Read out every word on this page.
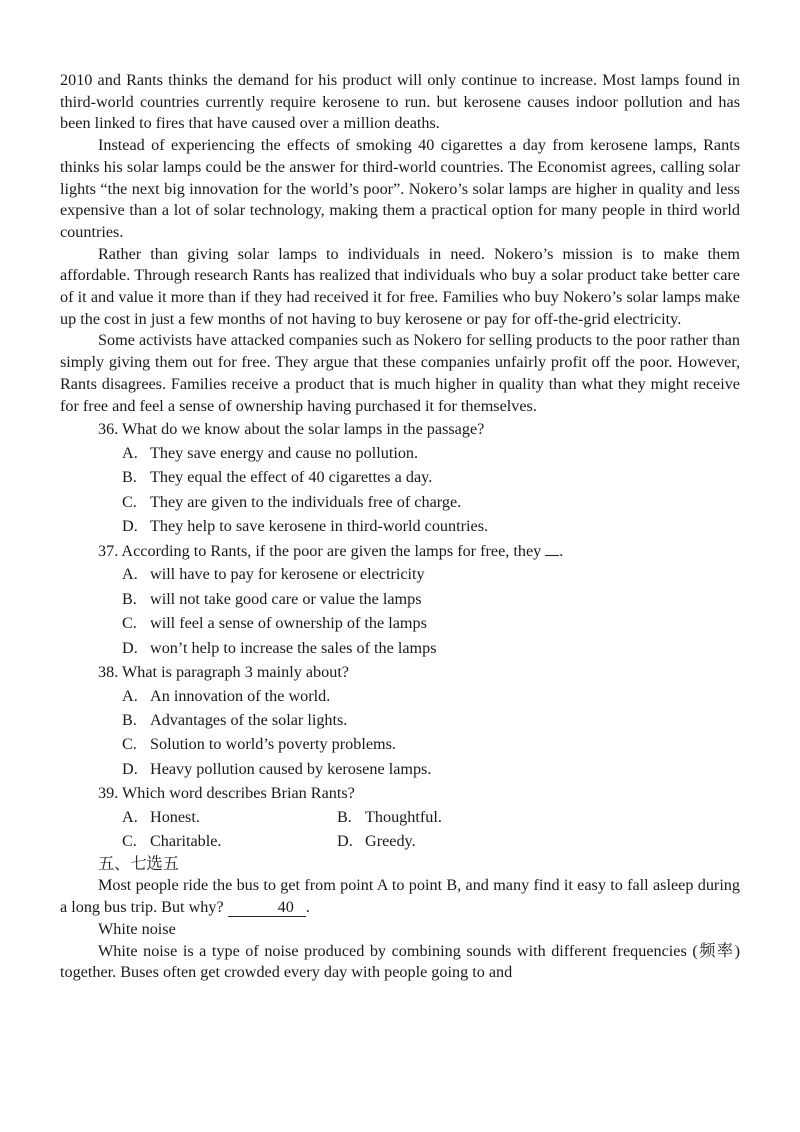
2010 and Rants thinks the demand for his product will only continue to increase. Most lamps found in third-world countries currently require kerosene to run. but kerosene causes indoor pollution and has been linked to fires that have caused over a million deaths.

Instead of experiencing the effects of smoking 40 cigarettes a day from kerosene lamps, Rants thinks his solar lamps could be the answer for third-world countries. The Economist agrees, calling solar lights “the next big innovation for the world’s poor”. Nokero’s solar lamps are higher in quality and less expensive than a lot of solar technology, making them a practical option for many people in third world countries.

Rather than giving solar lamps to individuals in need. Nokero’s mission is to make them affordable. Through research Rants has realized that individuals who buy a solar product take better care of it and value it more than if they had received it for free. Families who buy Nokero’s solar lamps make up the cost in just a few months of not having to buy kerosene or pay for off-the-grid electricity.

Some activists have attacked companies such as Nokero for selling products to the poor rather than simply giving them out for free. They argue that these companies unfairly profit off the poor. However, Rants disagrees. Families receive a product that is much higher in quality than what they might receive for free and feel a sense of ownership having purchased it for themselves.

36. What do we know about the solar lamps in the passage?

A. They save energy and cause no pollution.

B. They equal the effect of 40 cigarettes a day.

C. They are given to the individuals free of charge.

D. They help to save kerosene in third-world countries.

37. According to Rants, if the poor are given the lamps for free, they .

A. will have to pay for kerosene or electricity

B. will not take good care or value the lamps

C. will feel a sense of ownership of the lamps

D. won’t help to increase the sales of the lamps

38. What is paragraph 3 mainly about?

A. An innovation of the world.

B. Advantages of the solar lights.

C. Solution to world’s poverty problems.

D. Heavy pollution caused by kerosene lamps.

39. Which word describes Brian Rants?

A. Honest.	B. Thoughtful.
C. Charitable.	D. Greedy.

五、七选五

Most people ride the bus to get from point A to point B, and many find it easy to fall asleep during a long bus trip. But why?	40 .

White noise

White noise is a type of noise produced by combining sounds with different frequencies (频率) together. Buses often get crowded every day with people going to and
